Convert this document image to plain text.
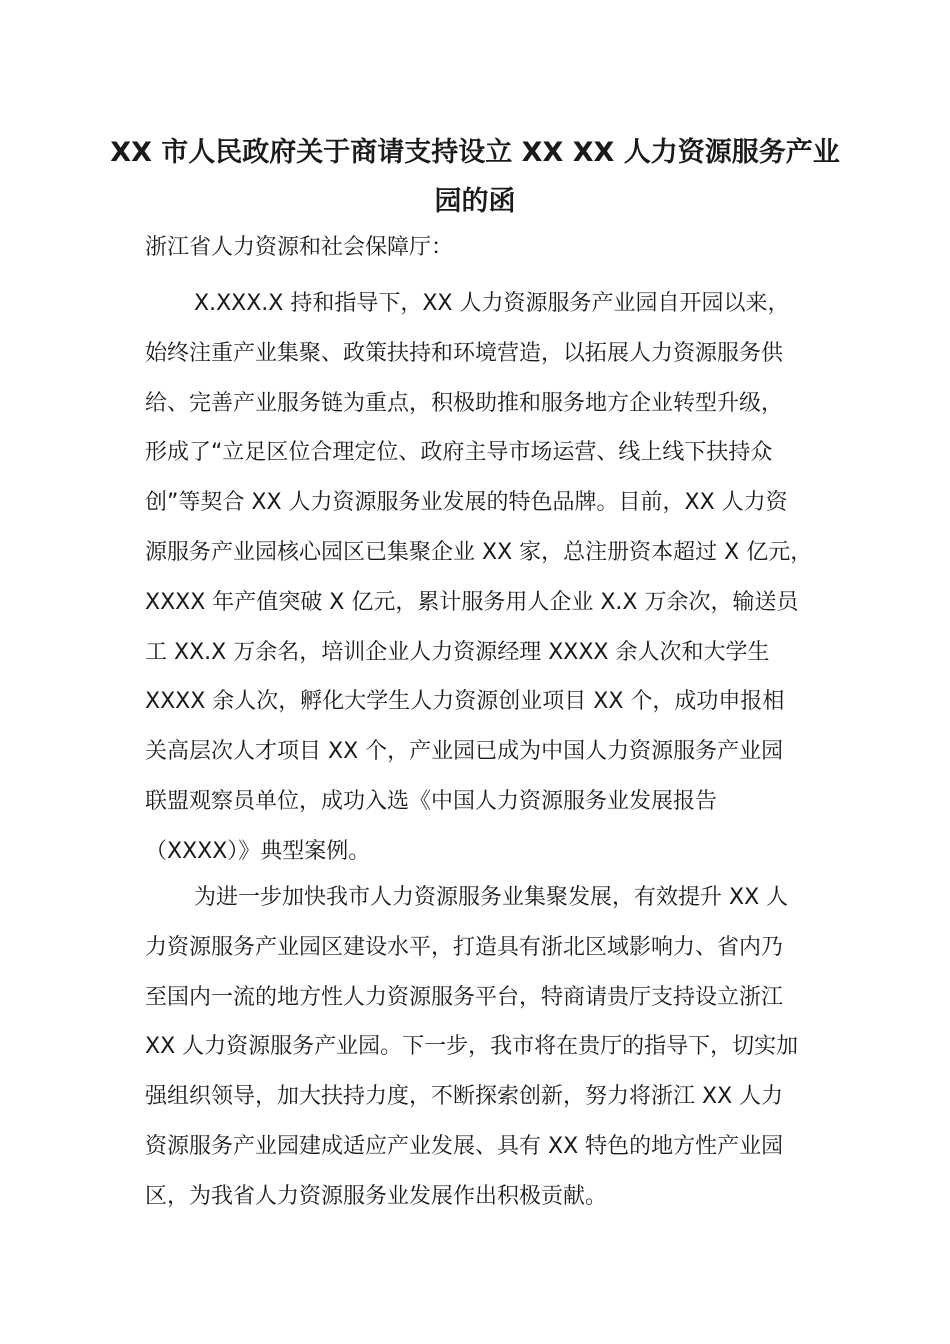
XX 市人民政府关于商请支持设立 XX XX 人力资源服务产业
园的函

浙江省人力资源和社会保障厅：

X.XXX.X 持和指导下，XX 人力资源服务产业园自开园以来，
始终注重产业集聚、政策扶持和环境营造，以拓展人力资源服务供
给、完善产业服务链为重点，积极助推和服务地方企业转型升级，
形成了“立足区位合理定位、政府主导市场运营、线上线下扶持众
创”等契合 XX 人力资源服务业发展的特色品牌。目前，XX 人力资
源服务产业园核心园区已集聚企业 XX 家，总注册资本超过 X 亿元，
XXXX 年产值突破 X 亿元，累计服务用人企业 X.X 万余次，输送员
工 XX.X 万余名，培训企业人力资源经理 XXXX 余人次和大学生
XXXX 余人次，孵化大学生人力资源创业项目 XX 个，成功申报相
关高层次人才项目 XX 个，产业园已成为中国人力资源服务产业园
联盟观察员单位，成功入选《中国人力资源服务业发展报告
（XXXX）》典型案例。

为进一步加快我市人力资源服务业集聚发展，有效提升 XX 人
力资源服务产业园区建设水平，打造具有浙北区域影响力、省内乃
至国内一流的地方性人力资源服务平台，特商请贵厅支持设立浙江
XX 人力资源服务产业园。下一步，我市将在贵厅的指导下，切实加
强组织领导，加大扶持力度，不断探索创新，努力将浙江 XX 人力
资源服务产业园建成适应产业发展、具有 XX 特色的地方性产业园
区，为我省人力资源服务业发展作出积极贡献。
